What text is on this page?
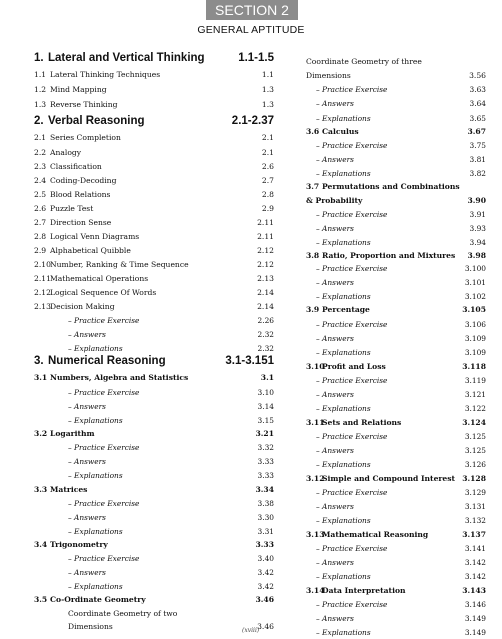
SECTION 2
GENERAL APTITUDE
1. Lateral and Vertical Thinking	1.1-1.5
1.1 Lateral Thinking Techniques	1.1
1.2 Mind Mapping	1.3
1.3 Reverse Thinking	1.3
2. Verbal Reasoning	2.1-2.37
2.1 Series Completion	2.1
2.2 Analogy	2.1
2.3 Classification	2.6
2.4 Coding-Decoding	2.7
2.5 Blood Relations	2.8
2.6 Puzzle Test	2.9
2.7 Direction Sense	2.11
2.8 Logical Venn Diagrams	2.11
2.9 Alphabetical Quibble	2.12
2.10 Number, Ranking & Time Sequence	2.12
2.11 Mathematical Operations	2.13
2.12 Logical Sequence Of Words	2.14
2.13 Decision Making	2.14
– Practice Exercise	2.26
– Answers	2.32
– Explanations	2.32
3. Numerical Reasoning	3.1-3.151
3.1 Numbers, Algebra and Statistics	3.1
– Practice Exercise	3.10
– Answers	3.14
– Explanations	3.15
3.2 Logarithm	3.21
– Practice Exercise	3.32
– Answers	3.33
– Explanations	3.33
3.3 Matrices	3.34
– Practice Exercise	3.38
– Answers	3.30
– Explanations	3.31
3.4 Trigonometry	3.33
– Practice Exercise	3.40
– Answers	3.42
– Explanations	3.42
3.5 Co-Ordinate Geometry	3.46
Coordinate Geometry of two
Dimensions	3.46
Coordinate Geometry of three
Dimensions	3.56
– Practice Exercise	3.63
– Answers	3.64
– Explanations	3.65
3.6 Calculus	3.67
– Practice Exercise	3.75
– Answers	3.81
– Explanations	3.82
3.7 Permutations and Combinations
& Probability	3.90
– Practice Exercise	3.91
– Answers	3.93
– Explanations	3.94
3.8 Ratio, Proportion and Mixtures 3.98
– Practice Exercise	3.100
– Answers	3.101
– Explanations	3.102
3.9 Percentage	3.105
– Practice Exercise	3.106
– Answers	3.109
– Explanations	3.109
3.10
Profit and Loss	3.118
– Practice Exercise	3.119
– Answers	3.121
– Explanations	3.122
3.11
Sets and Relations	3.124
– Practice Exercise	3.125
– Answers	3.125
– Explanations	3.126
3.12
Simple and Compound Interest 3.128
– Practice Exercise	3.129
– Answers	3.131
– Explanations	3.132
3.13
Mathematical Reasoning	3.137
– Practice Exercise	3.141
– Answers	3.142
– Explanations	3.142
3.14
Data Interpretation	3.143
– Practice Exercise	3.146
– Answers	3.149
– Explanations	3.149
(xviii)
